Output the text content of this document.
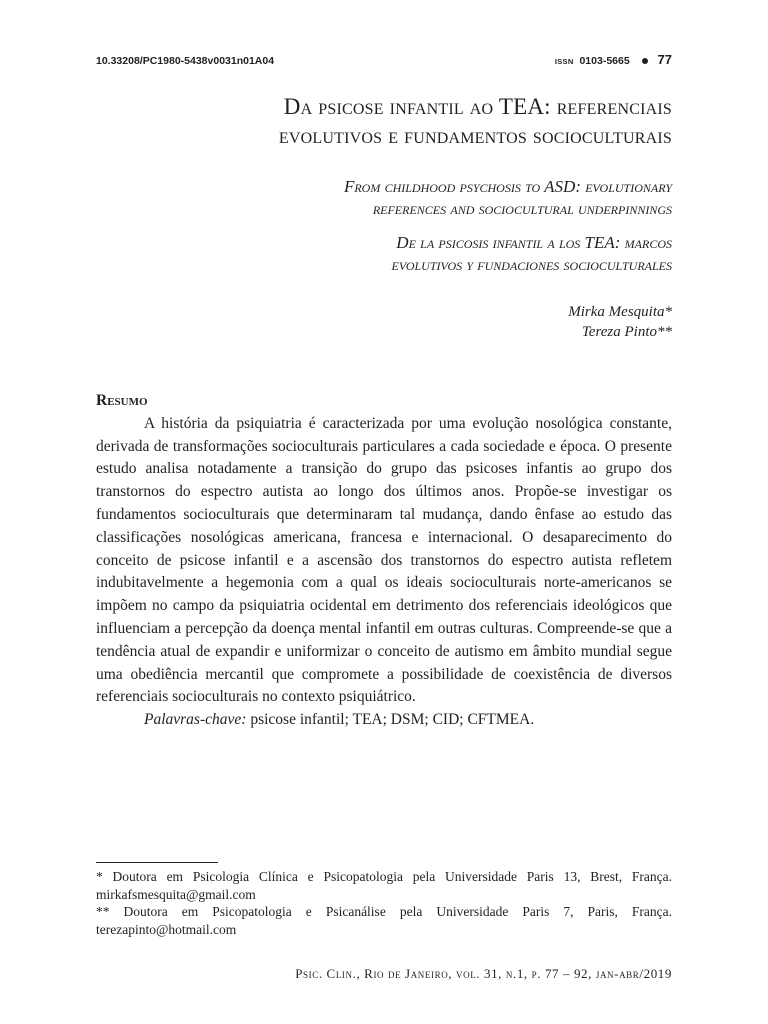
10.33208/PC1980-5438v0031n01A04	ISSN 0103-5665 77
Da psicose infantil ao TEA: referenciais
evolutivos e fundamentos socioculturais
From childhood psychosis to ASD: evolutionary
references and sociocultural underpinnings
De la psicosis infantil a los TEA: marcos
evolutivos y fundaciones socioculturales
Mirka Mesquita*
Tereza Pinto**

Resumo

A história da psiquiatria é caracterizada por uma evolução nosológica constante, derivada de transformações socioculturais particulares a cada sociedade e época. O presente estudo analisa notadamente a transição do grupo das psicoses infantis ao grupo dos transtornos do espectro autista ao longo dos últimos anos. Propõe-se investigar os fundamentos socioculturais que determinaram tal mudança, dando ênfase ao estudo das classificações nosológicas americana, francesa e internacional. O desaparecimento do conceito de psicose infantil e a ascensão dos transtornos do espectro autista refletem indubitavelmente a hegemonia com a qual os ideais socioculturais norte-americanos se impõem no campo da psiquiatria ocidental em detrimento dos referenciais ideológicos que influenciam a percepção da doença mental infantil em outras culturas. Compreende-se que a tendência atual de expandir e uniformizar o conceito de autismo em âmbito mundial segue uma obediência mercantil que compromete a possibilidade de coexistência de diversos referenciais socioculturais no contexto psiquiátrico.

Palavras-chave: psicose infantil; TEA; DSM; CID; CFTMEA.

* Doutora em Psicologia Clínica e Psicopatologia pela Universidade Paris 13, Brest, França. mirkafsmesquita@gmail.com

** Doutora em Psicopatologia e Psicanálise pela Universidade Paris 7, Paris, França. terezapinto@hotmail.com

Psic. Clin., Rio de Janeiro, vol. 31, n.1, p. 77 – 92, jan-abr/2019
